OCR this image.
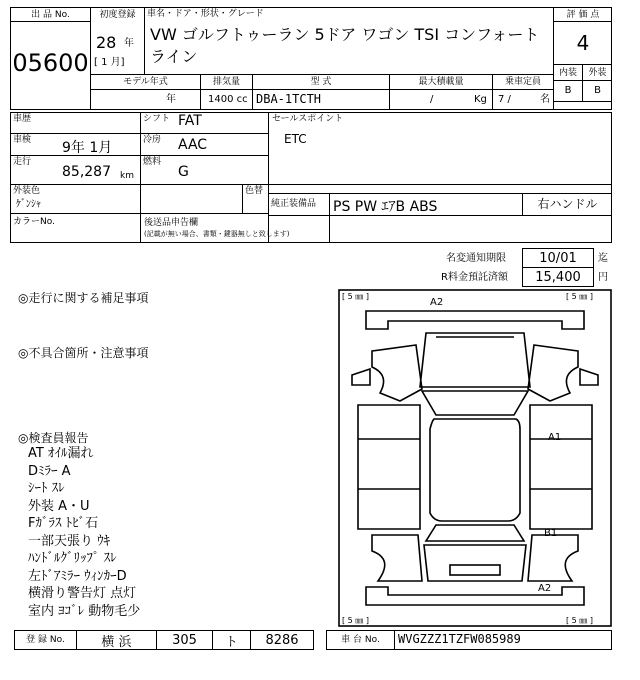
出 品 No.
05600
初度登録
28 年
[ 1 月]
車名・ドア・形状・グレード
VW ゴルフトゥーラン 5ドア ワゴン TSI コンフォートライン
評 価 点
4
内装	外装
B	B
モデル年式	排気量	型 式	最大積載量	乗車定員
年	1400 cc DBA-1TCTH	/	Kg 7 /	名
車歴	シフト FAT
車検 9年 1月	冷房 AAC
走行
85,287 km
燃料
G
セールスポイント
ETC
外装色
ｹﾞﾝｼｬ
色替
純正装備品 PS PW ｴｱB ABS	右ハンドル
カラーNo.	後送品申告欄
(記載が無い場合、書類・鍵器無しと致します)
名変通知期限	10/01	迄
R料金預託済額	15,400	円
◎走行に関する補足事項
◎不具合箇所・注意事項
◎検査員報告
AT ｵｲﾙ漏れ
Dﾐﾗｰ A
ｼｰﾄ ｽﾚ
外装 A・U
Fｶﾞﾗｽ ﾄﾋﾞ石
一部天張り ｳｷ
ﾊﾝﾄﾞﾙｸﾞﾘｯﾌﾟ ｽﾚ
左ﾄﾞｱﾐﾗｰ ｳｨﾝｶｰD
横滑り警告灯 点灯
室内 ﾖｺﾞﾚ 動物毛少
[ 5 ㎜ ]	[ 5 ㎜ ]
[ 5 ㎜ ]	[ 5 ㎜ ]
A2
A1
B1
A2
登 録 No.	横 浜	305	ト	8286	車 台 No.	WVGZZZ1TZFW085989
